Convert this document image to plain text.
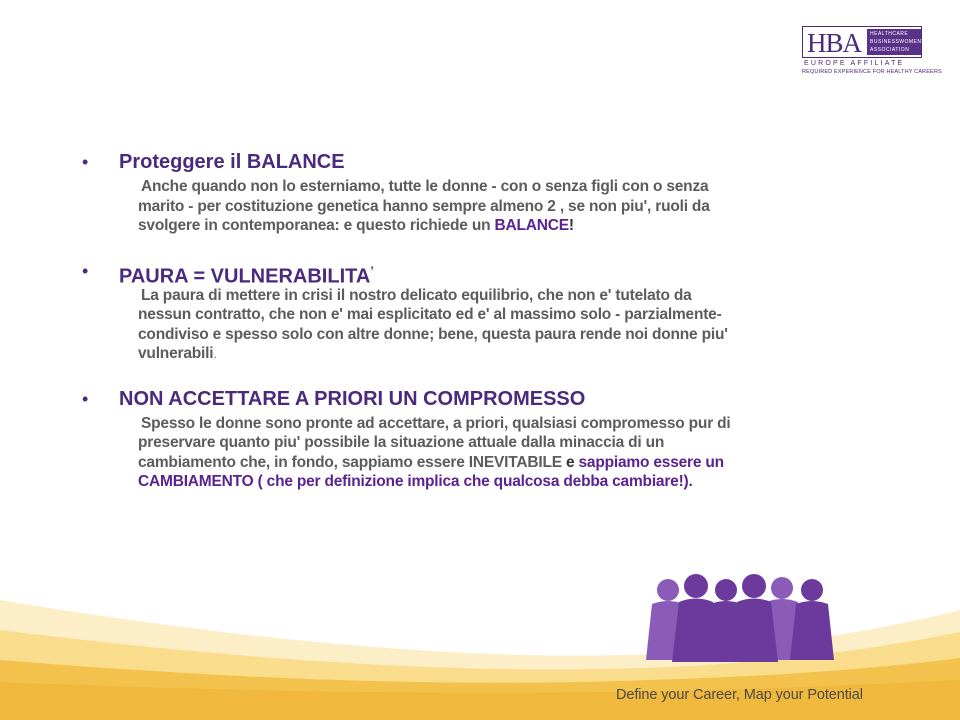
HBA HEALTHCARE
BUSINESSWOMEN'S
ASSOCIATION
EUROPE AFFILIATE
REQUIRED EXPERIENCE FOR HEALTHY CAREERS
• Proteggere il BALANCE
Anche quando non lo esterniamo, tutte le donne - con o senza figli con o senza
marito - per costituzione genetica hanno sempre almeno 2 , se non piu', ruoli da
svolgere in contemporanea: e questo richiede un BALANCE!
• PAURA = VULNERABILITA’
La paura di mettere in crisi il nostro delicato equilibrio, che non e' tutelato da
nessun contratto, che non e' mai esplicitato ed e' al massimo solo - parzialmente-
condiviso e spesso solo con altre donne; bene, questa paura rende noi donne piu'
vulnerabili.
• NON ACCETTARE A PRIORI UN COMPROMESSO
Spesso le donne sono pronte ad accettare, a priori, qualsiasi compromesso pur di
preservare quanto piu' possibile la situazione attuale dalla minaccia di un
cambiamento che, in fondo, sappiamo essere INEVITABILE e sappiamo essere un
CAMBIAMENTO ( che per definizione implica che qualcosa debba cambiare!).
Define your Career, Map your Potential
